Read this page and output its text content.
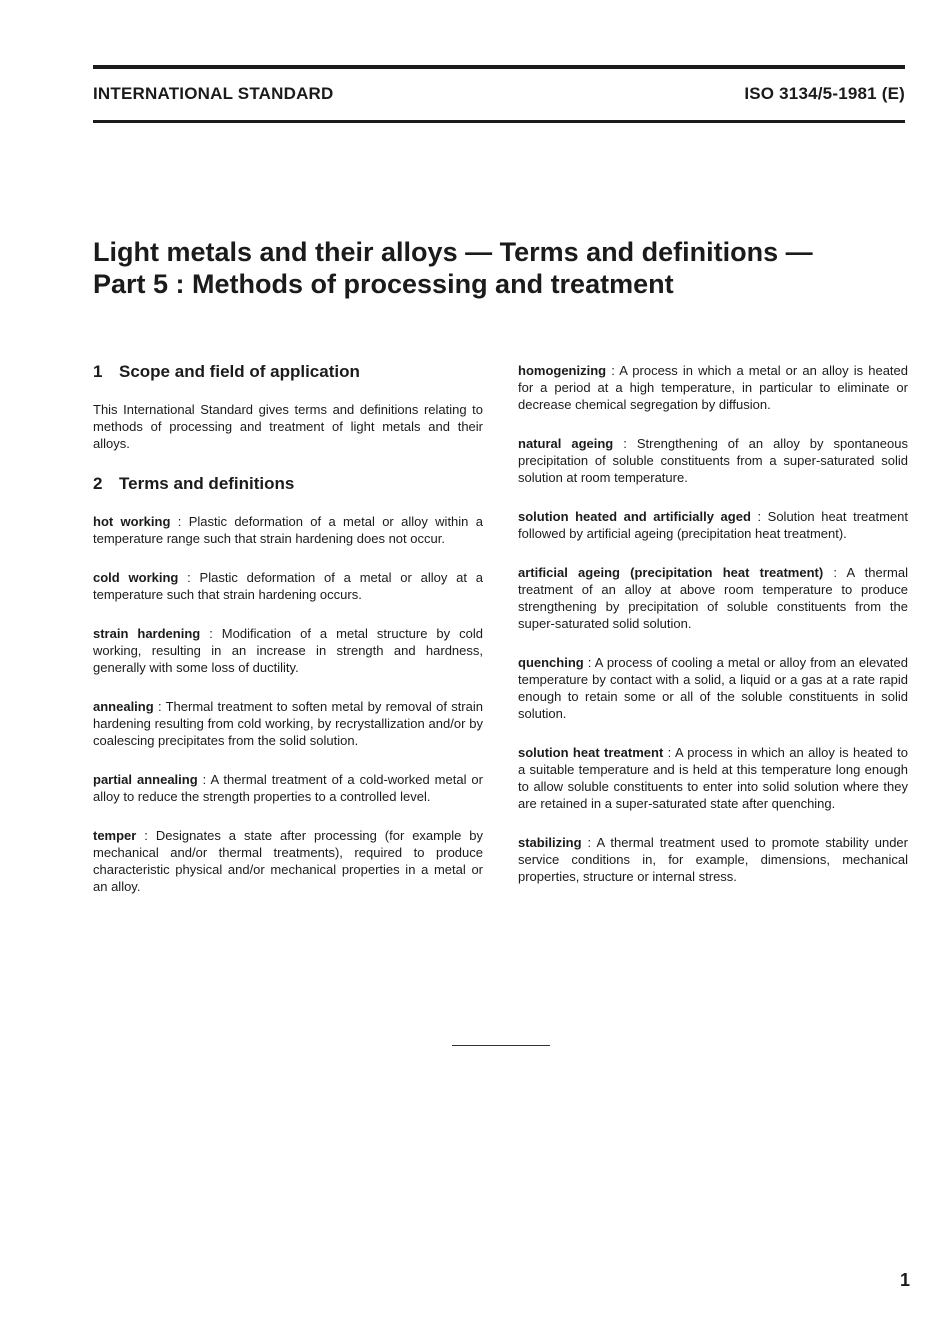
INTERNATIONAL STANDARD	ISO 3134/5-1981 (E)
Light metals and their alloys — Terms and definitions —
Part 5 : Methods of processing and treatment
1 Scope and field of application

This International Standard gives terms and definitions relating to methods of processing and treatment of light metals and their alloys.

2 Terms and definitions

hot working : Plastic deformation of a metal or alloy within a temperature range such that strain hardening does not occur.

cold working : Plastic deformation of a metal or alloy at a temperature such that strain hardening occurs.

strain hardening : Modification of a metal structure by cold working, resulting in an increase in strength and hardness, generally with some loss of ductility.

annealing : Thermal treatment to soften metal by removal of strain hardening resulting from cold working, by recrystallization and/or by coalescing precipitates from the solid solution.

partial annealing : A thermal treatment of a cold-worked metal or alloy to reduce the strength properties to a controlled level.

temper : Designates a state after processing (for example by mechanical and/or thermal treatments), required to produce characteristic physical and/or mechanical properties in a metal or an alloy.

homogenizing : A process in which a metal or an alloy is heated for a period at a high temperature, in particular to eliminate or decrease chemical segregation by diffusion.

natural ageing : Strengthening of an alloy by spontaneous precipitation of soluble constituents from a super-saturated solid solution at room temperature.

solution heated and artificially aged : Solution heat treatment followed by artificial ageing (precipitation heat treatment).

artificial ageing (precipitation heat treatment) : A thermal treatment of an alloy at above room temperature to produce strengthening by precipitation of soluble constituents from the super-saturated solid solution.

quenching : A process of cooling a metal or alloy from an elevated temperature by contact with a solid, a liquid or a gas at a rate rapid enough to retain some or all of the soluble constituents in solid solution.

solution heat treatment : A process in which an alloy is heated to a suitable temperature and is held at this temperature long enough to allow soluble constituents to enter into solid solution where they are retained in a super-saturated state after quenching.

stabilizing : A thermal treatment used to promote stability under service conditions in, for example, dimensions, mechanical properties, structure or internal stress.

1
